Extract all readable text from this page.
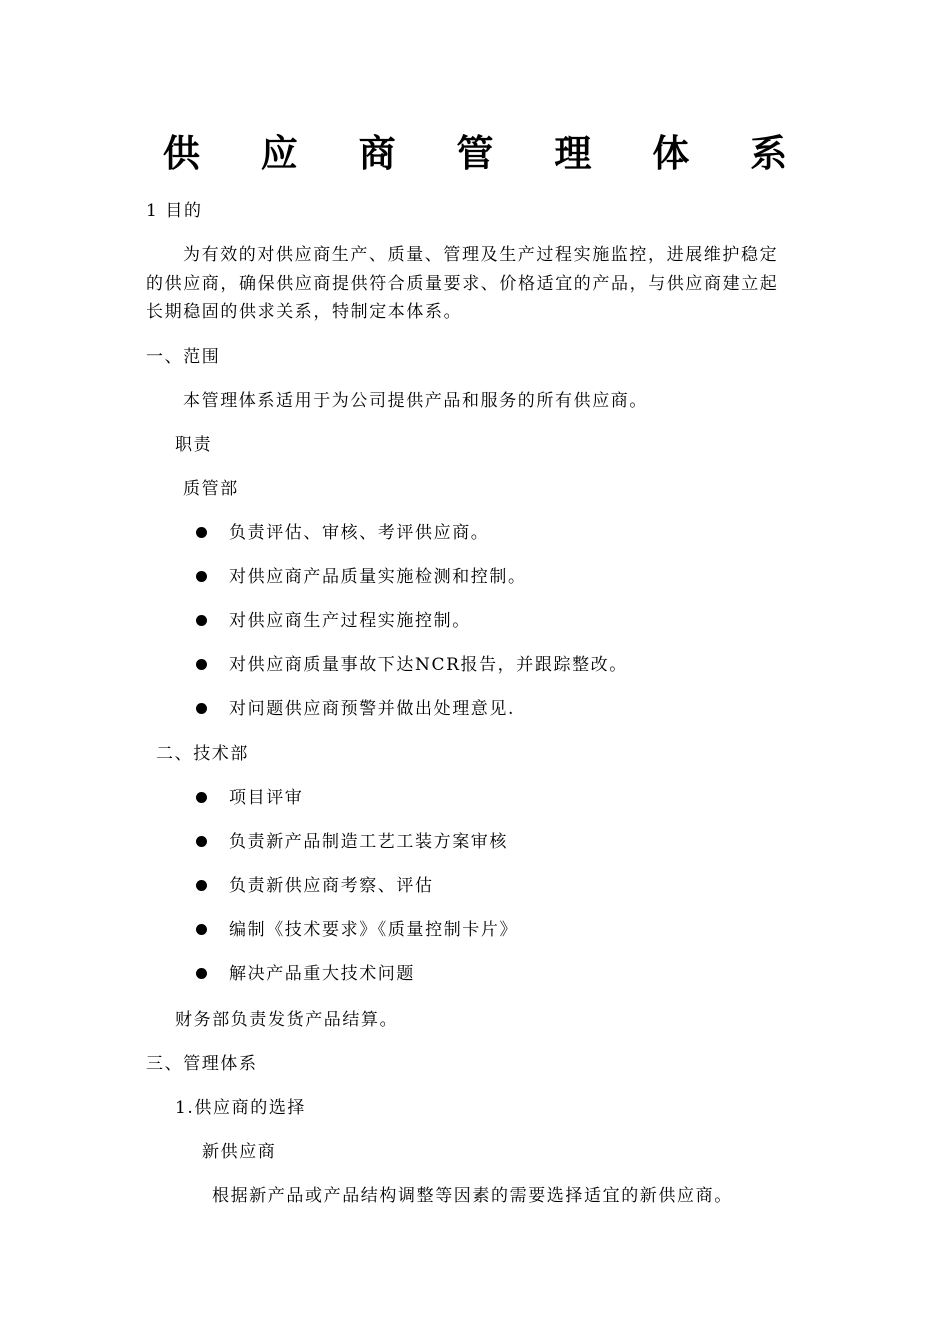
供 应 商 管 理 体 系
1 目的
为有效的对供应商生产、质量、管理及生产过程实施监控，进展维护稳定
的供应商，确保供应商提供符合质量要求、价格适宜的产品，与供应商建立起
长期稳固的供求关系，特制定本体系。
一、范围
本管理体系适用于为公司提供产品和服务的所有供应商。
职责
质管部
负责评估、审核、考评供应商。
对供应商产品质量实施检测和控制。
对供应商生产过程实施控制。
对供应商质量事故下达NCR报告，并跟踪整改。
对问题供应商预警并做出处理意见.
二、技术部
项目评审
负责新产品制造工艺工装方案审核
负责新供应商考察、评估
编制《技术要求》《质量控制卡片》
解决产品重大技术问题
财务部负责发货产品结算。
三、管理体系
1.供应商的选择
新供应商
根据新产品或产品结构调整等因素的需要选择适宜的新供应商。
